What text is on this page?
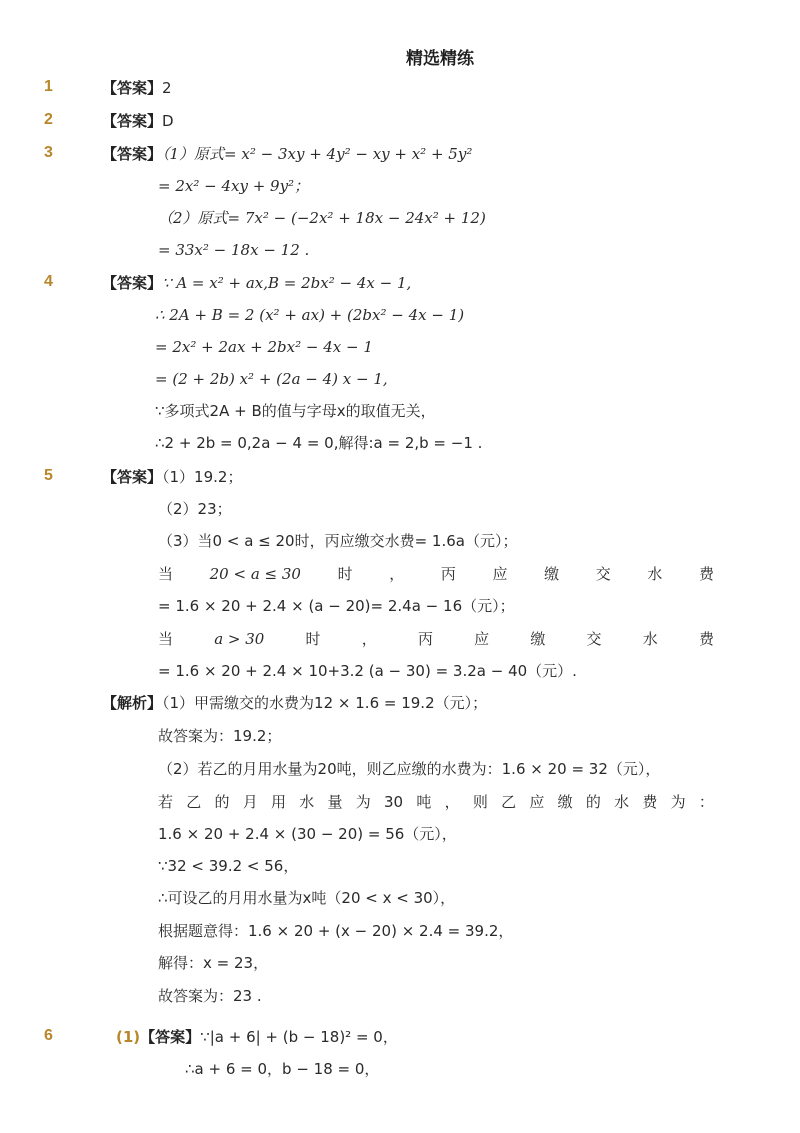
精选精练
1	【答案】2
2	【答案】D
3	【答案】（1）原式= x² − 3xy + 4y² − xy + x² + 5y²
= 2x² − 4xy + 9y²；
（2）原式= 7x² − (−2x² + 18x − 24x² + 12)
= 33x² − 18x − 12 .
4	【答案】∵ A = x² + ax,B = 2bx² − 4x − 1,
∴ 2A + B = 2 (x² + ax) + (2bx² − 4x − 1)
= 2x² + 2ax + 2bx² − 4x − 1
= (2 + 2b) x² + (2a − 4) x − 1,
∵多项式2A + B的值与字母x的取值无关，
∴2 + 2b = 0,2a − 4 = 0,解得:a = 2,b = −1 .
5	【答案】（1）19.2；
（2）23；
（3）当0 < a ≤ 20时，丙应缴交水费= 1.6a（元）；
当 20 < a ≤ 30 时 ， 丙 应 缴 交 水 费
= 1.6 × 20 + 2.4 × (a − 20)= 2.4a − 16（元）；
当	a > 30	时	，	丙	应	缴	交	水	费
= 1.6 × 20 + 2.4 × 10+3.2 (a − 30) = 3.2a − 40（元）.
【解析】（1）甲需缴交的水费为12 × 1.6 = 19.2（元）；
故答案为：19.2；
（2）若乙的月用水量为20吨，则乙应缴的水费为：1.6 × 20 = 32（元），
若 乙 的 月 用 水 量 为 30 吨 ， 则 乙 应 缴 的 水 费 为 ：
1.6 × 20 + 2.4 × (30 − 20) = 56（元），
∵32 < 39.2 < 56，
∴可设乙的月用水量为x吨（20 < x < 30），
根据题意得：1.6 × 20 + (x − 20) × 2.4 = 39.2，
解得：x = 23，
故答案为：23 .
6	(1)【答案】∵|a + 6| + (b − 18)² = 0，
∴a + 6 = 0，b − 18 = 0，
